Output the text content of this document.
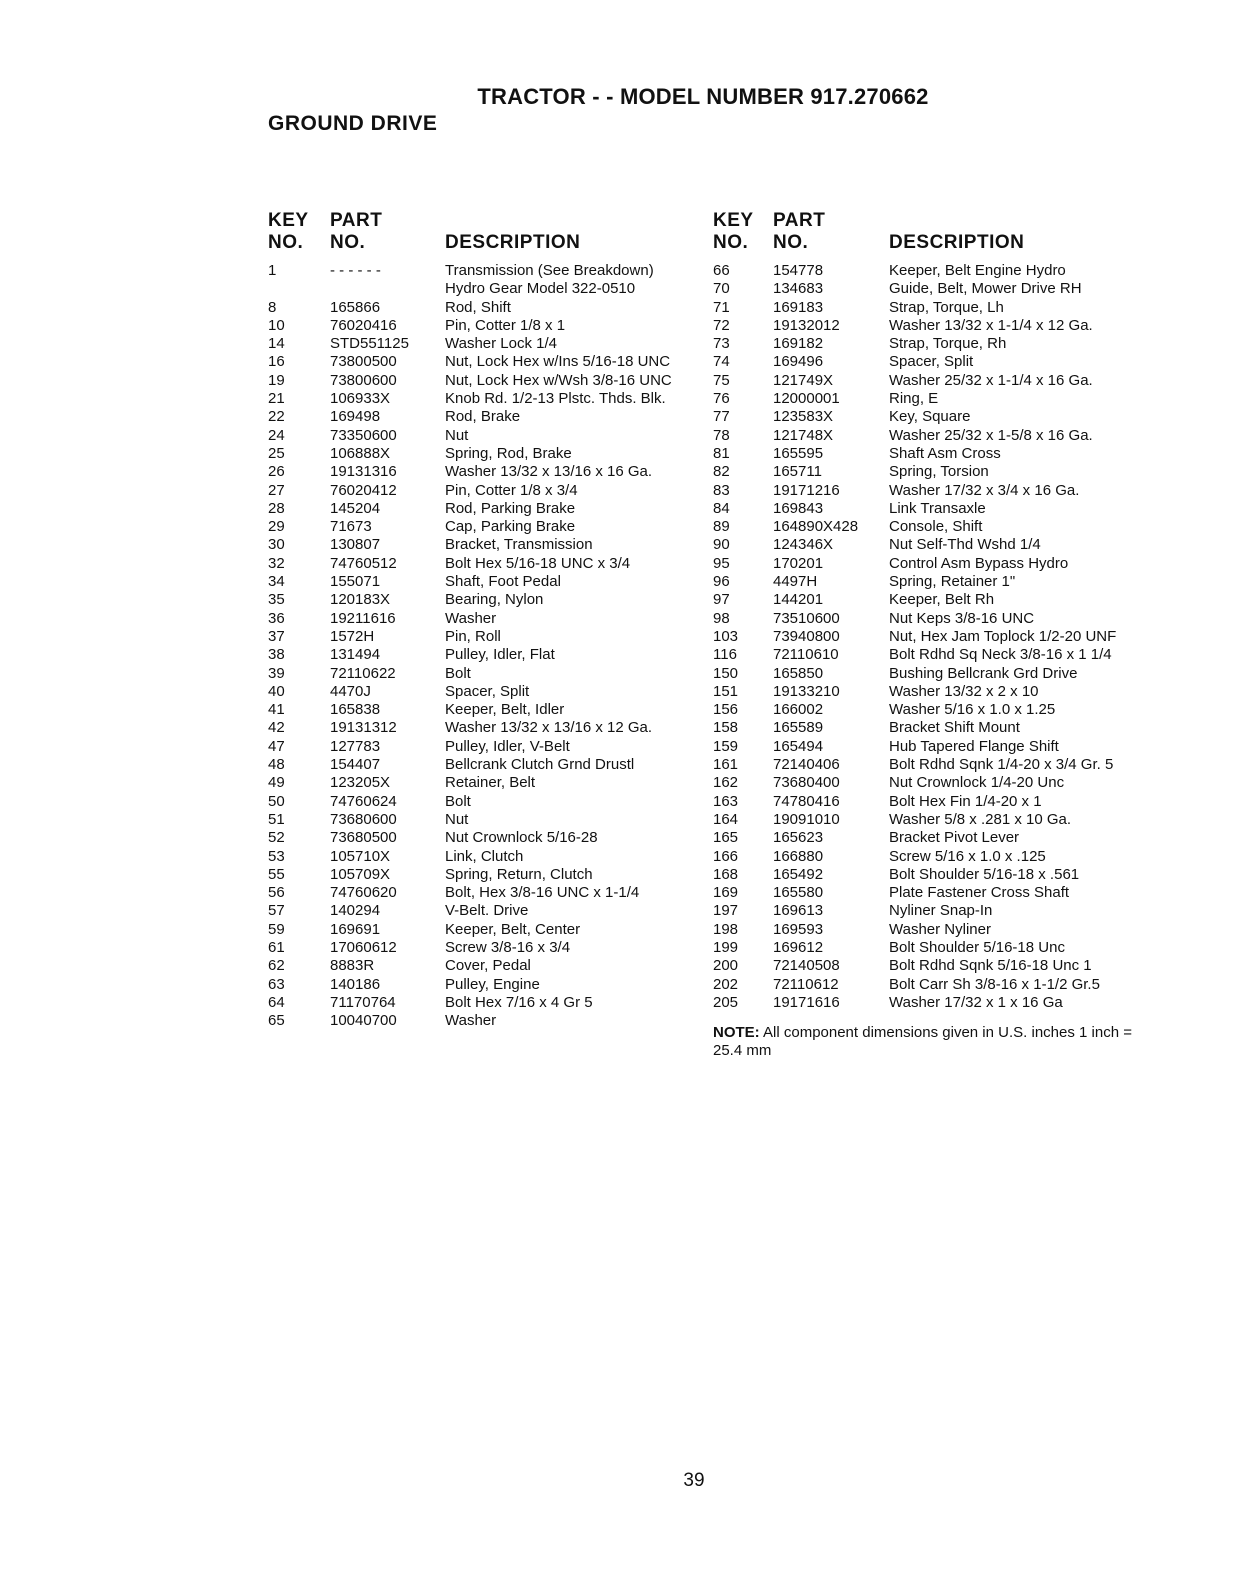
TRACTOR - - MODEL NUMBER 917.270662
GROUND DRIVE
KEY
NO.
PART
NO.	DESCRIPTION
1	- - - - - -	Transmission (See Breakdown) Hydro Gear Model 322-0510
8	165866	Rod, Shift
10	76020416	Pin, Cotter 1/8 x 1
14	STD551125	Washer Lock 1/4
16	73800500	Nut, Lock Hex w/Ins 5/16-18 UNC
19	73800600	Nut, Lock Hex w/Wsh 3/8-16 UNC
21	106933X	Knob Rd. 1/2-13 Plstc. Thds. Blk.
22	169498	Rod, Brake
24	73350600	Nut
25	106888X	Spring, Rod, Brake
26	19131316	Washer 13/32 x 13/16 x 16 Ga.
27	76020412	Pin, Cotter 1/8 x 3/4
28	145204	Rod, Parking Brake
29	71673	Cap, Parking Brake
30	130807	Bracket, Transmission
32	74760512	Bolt Hex 5/16-18 UNC x 3/4
34	155071	Shaft, Foot Pedal
35	120183X	Bearing, Nylon
36	19211616	Washer
37	1572H	Pin, Roll
38	131494	Pulley, Idler, Flat
39	72110622	Bolt
40	4470J	Spacer, Split
41	165838	Keeper, Belt, Idler
42	19131312	Washer 13/32 x 13/16 x 12 Ga.
47	127783	Pulley, Idler, V-Belt
48	154407	Bellcrank Clutch Grnd Drustl
49	123205X	Retainer, Belt
50	74760624	Bolt
51	73680600	Nut
52	73680500	Nut Crownlock 5/16-28
53	105710X	Link, Clutch
55	105709X	Spring, Return, Clutch
56	74760620	Bolt, Hex 3/8-16 UNC x 1-1/4
57	140294	V-Belt. Drive
59	169691	Keeper, Belt, Center
61	17060612	Screw 3/8-16 x 3/4
62	8883R	Cover, Pedal
63	140186	Pulley, Engine
64	71170764	Bolt Hex 7/16 x 4 Gr 5
65	10040700	Washer
KEY
NO.
PART
NO.	DESCRIPTION
66	154778	Keeper, Belt Engine Hydro
70	134683	Guide, Belt, Mower Drive RH
71	169183	Strap, Torque, Lh
72	19132012	Washer 13/32 x 1-1/4 x 12 Ga.
73	169182	Strap, Torque, Rh
74	169496	Spacer, Split
75	121749X	Washer 25/32 x 1-1/4 x 16 Ga.
76	12000001	Ring, E
77	123583X	Key, Square
78	121748X	Washer 25/32 x 1-5/8 x 16 Ga.
81	165595	Shaft Asm Cross
82	165711	Spring, Torsion
83	19171216	Washer 17/32 x 3/4 x 16 Ga.
84	169843	Link Transaxle
89	164890X428	Console, Shift
90	124346X	Nut Self-Thd Wshd 1/4
95	170201	Control Asm Bypass Hydro
96	4497H	Spring, Retainer 1"
97	144201	Keeper, Belt Rh
98	73510600	Nut Keps 3/8-16 UNC
103	73940800	Nut, Hex Jam Toplock 1/2-20 UNF
116	72110610	Bolt Rdhd Sq Neck 3/8-16 x 1 1/4
150	165850	Bushing Bellcrank Grd Drive
151	19133210	Washer 13/32 x 2 x 10
156	166002	Washer 5/16 x 1.0 x 1.25
158	165589	Bracket Shift Mount
159	165494	Hub Tapered Flange Shift
161	72140406	Bolt Rdhd Sqnk 1/4-20 x 3/4 Gr. 5
162	73680400	Nut Crownlock 1/4-20 Unc
163	74780416	Bolt Hex Fin 1/4-20 x 1
164	19091010	Washer 5/8 x .281 x 10 Ga.
165	165623	Bracket Pivot Lever
166	166880	Screw 5/16 x 1.0 x .125
168	165492	Bolt Shoulder 5/16-18 x .561
169	165580	Plate Fastener Cross Shaft
197	169613	Nyliner Snap-In
198	169593	Washer Nyliner
199	169612	Bolt Shoulder 5/16-18 Unc
200	72140508	Bolt Rdhd Sqnk 5/16-18 Unc 1
202	72110612	Bolt Carr Sh 3/8-16 x 1-1/2 Gr.5
205	19171616	Washer 17/32 x 1 x 16 Ga
NOTE: All component dimensions given in U.S. inches 1 inch = 25.4 mm
39
